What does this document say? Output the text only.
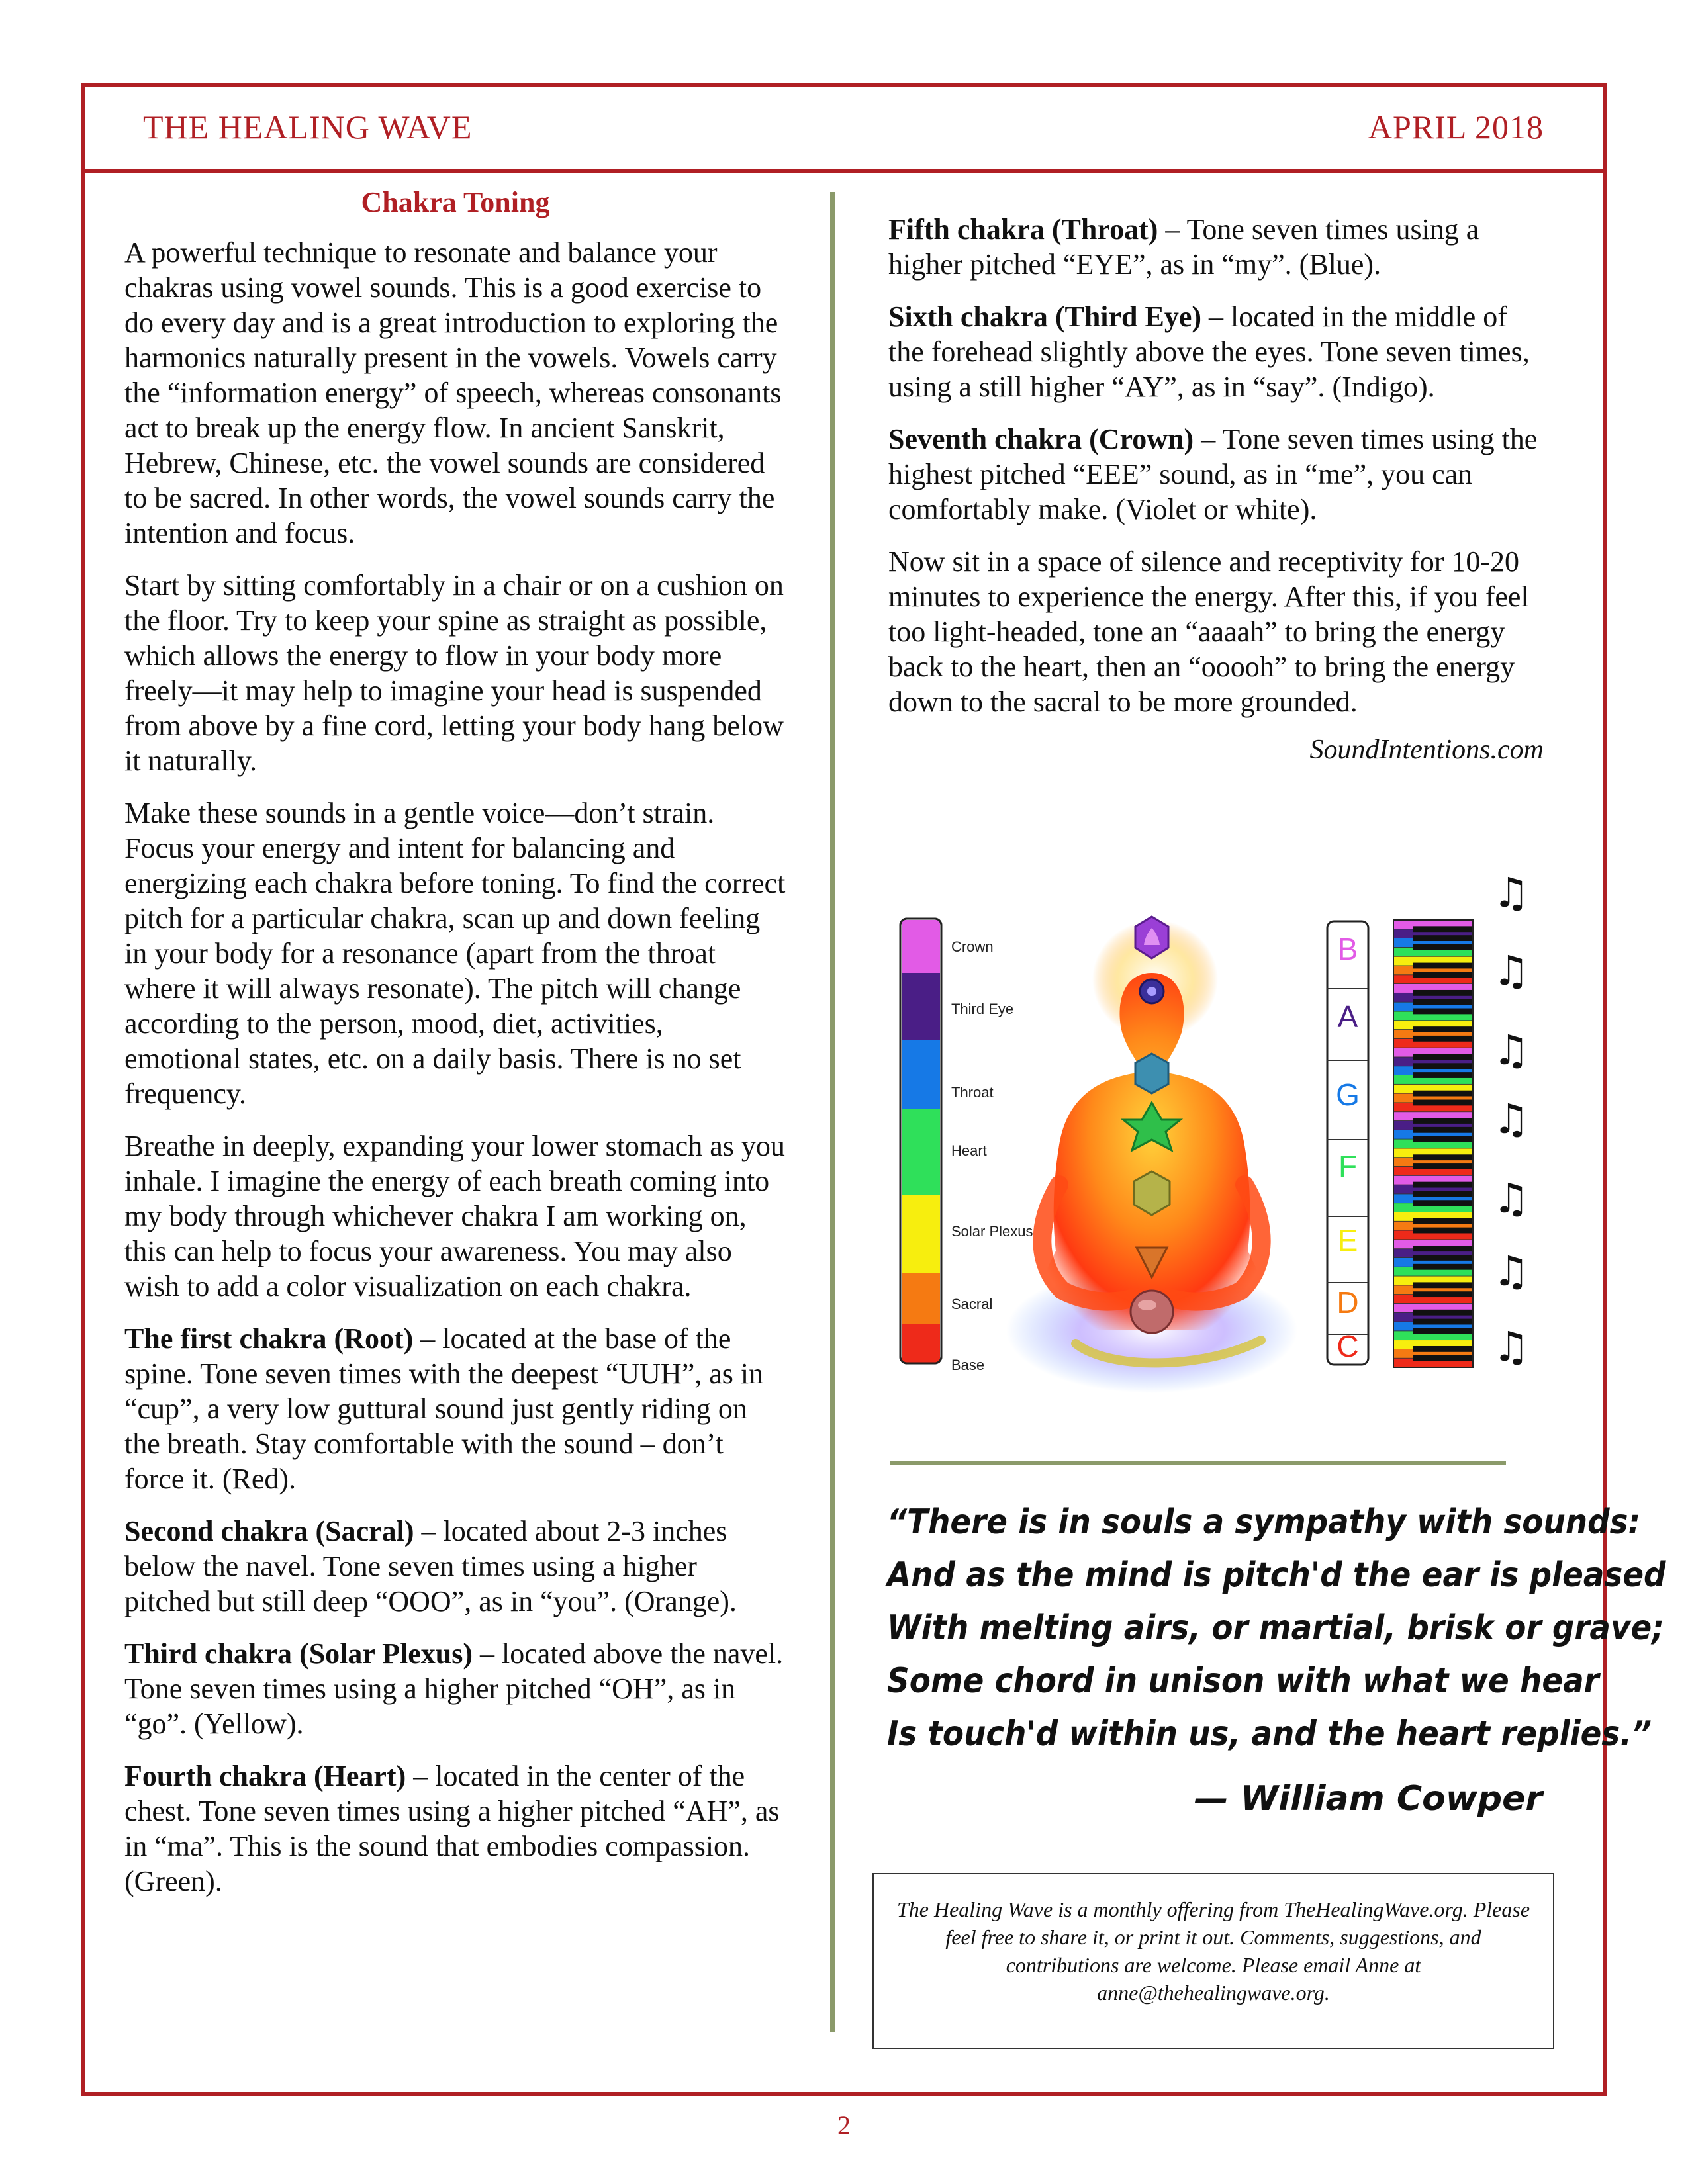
THE HEALING WAVE	APRIL 2018
Chakra Toning

A powerful technique to resonate and balance your chakras using vowel sounds. This is a good exercise to do every day and is a great introduction to exploring the harmonics naturally present in the vowels. Vowels carry the “information energy” of speech, whereas consonants act to break up the energy flow. In ancient Sanskrit, Hebrew, Chinese, etc. the vowel sounds are considered to be sacred. In other words, the vowel sounds carry the intention and focus.

Start by sitting comfortably in a chair or on a cushion on the floor. Try to keep your spine as straight as possible, which allows the energy to flow in your body more freely—it may help to imagine your head is suspended from above by a fine cord, letting your body hang below it naturally.

Make these sounds in a gentle voice—don’t strain. Focus your energy and intent for balancing and energizing each chakra before toning. To find the correct pitch for a particular chakra, scan up and down feeling in your body for a resonance (apart from the throat where it will always resonate). The pitch will change according to the person, mood, diet, activities, emotional states, etc. on a daily basis. There is no set frequency.

Breathe in deeply, expanding your lower stomach as you inhale. I imagine the energy of each breath coming into my body through whichever chakra I am working on, this can help to focus your awareness. You may also wish to add a color visualization on each chakra.

The first chakra (Root) – located at the base of the spine. Tone seven times with the deepest “UUH”, as in “cup”, a very low guttural sound just gently riding on the breath. Stay comfortable with the sound – don’t force it. (Red).

Second chakra (Sacral) – located about 2-3 inches below the navel. Tone seven times using a higher pitched but still deep “OOO”, as in “you”. (Orange).

Third chakra (Solar Plexus) – located above the navel. Tone seven times using a higher pitched “OH”, as in “go”. (Yellow).

Fourth chakra (Heart) – located in the center of the chest. Tone seven times using a higher pitched “AH”, as in “ma”. This is the sound that embodies compassion. (Green).

Fifth chakra (Throat) – Tone seven times using a higher pitched “EYE”, as in “my”. (Blue).

Sixth chakra (Third Eye) – located in the middle of the forehead slightly above the eyes. Tone seven times, using a still higher “AY”, as in “say”. (Indigo).

Seventh chakra (Crown) – Tone seven times using the highest pitched “EEE” sound, as in “me”, you can comfortably make. (Violet or white).

Now sit in a space of silence and receptivity for 10-20 minutes to experience the energy. After this, if you feel too light-headed, tone an “aaaah” to bring the energy back to the heart, then an “ooooh” to bring the energy down to the sacral to be more grounded.

SoundIntentions.com
Crown
Third Eye
Throat
Heart
Solar Plexus
Sacral
Base
B
A
G
F
E
D
C
♫
♫
♫
♫
♫
♫
♫
“There is in souls a sympathy with sounds:
And as the mind is pitch'd the ear is pleased
With melting airs, or martial, brisk or grave;
Some chord in unison with what we hear
Is touch'd within us, and the heart replies.”
— William Cowper
The Healing Wave is a monthly offering from TheHealingWave.org. Please feel free to share it, or print it out. Comments, suggestions, and contributions are welcome. Please email Anne at anne@thehealingwave.org.
2
